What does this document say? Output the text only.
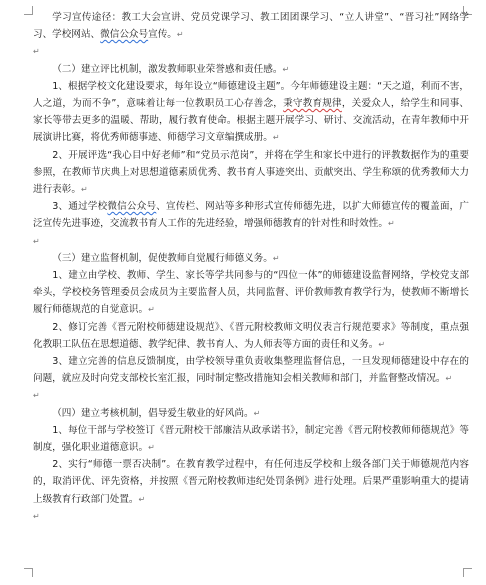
学习宣传途径：教工大会宣讲、党员党课学习、教工团团课学习、“立人讲堂”、“晋习社”网络学习、学校网站、微信公众号宣传。↵

↵

（二）建立评比机制，激发教师职业荣誉感和责任感。↵

1、根据学校文化建设要求，每年设立“师德建设主题”。今年师德建设主题：“天之道，利而不害，人之道，为而不争”，意味着让每一位教职员工心存善念，秉守教育规律，关爱众人，给学生和同事、家长等带去更多的温暖、帮助，履行教育使命。根据主题开展学习、研讨、交流活动，在青年教师中开展演讲比赛，将优秀师德事迹、师德学习文章编撰成册。↵

2、开展评选“我心目中好老师”和“党员示范岗”，并将在学生和家长中进行的评教数据作为的重要参照，在教师节庆典上对思想道德素质优秀、教书育人事迹突出、贡献突出、学生称颂的优秀教师大力进行表彰。↵

3、通过学校微信公众号、宣传栏、网站等多种形式宣传师德先进，以扩大师德宣传的覆盖面，广泛宣传先进事迹，交流教书育人工作的先进经验，增强师德教育的针对性和时效性。↵

↵

（三）建立监督机制，促使教师自觉履行师德义务。↵

1、建立由学校、教师、学生、家长等学共同参与的“四位一体”的师德建设监督网络，学校党支部牵头，学校校务管理委员会成员为主要监督人员，共同监督、评价教师教育教学行为，使教师不断增长履行师德规范的自觉意识。↵

2、修订完善《晋元附校师德建设规范》、《晋元附校教师文明仪表言行规范要求》等制度，重点强化教职工队伍在思想道德、教学纪律、教书育人、为人师表等方面的责任和义务。↵

3、建立完善的信息反馈制度，由学校领导重负责收集整理监督信息，一旦发现师德建设中存在的问题，就应及时向党支部校长室汇报，同时制定整改措施知会相关教师和部门，并监督整改情况。↵

↵

（四）建立考核机制，倡导爱生敬业的好风尚。↵

1、每位干部与学校签订《晋元附校干部廉洁从政承诺书》，制定完善《晋元附校教师师德规范》等制度，强化职业道德意识。↵

2、实行“师德一票否决制”。在教育教学过程中，有任何违反学校和上级各部门关于师德规范内容的，取消评优、评先资格，并按照《晋元附校教师违纪处罚条例》进行处理。后果严重影响重大的提请上级教育行政部门处置。↵

↵
